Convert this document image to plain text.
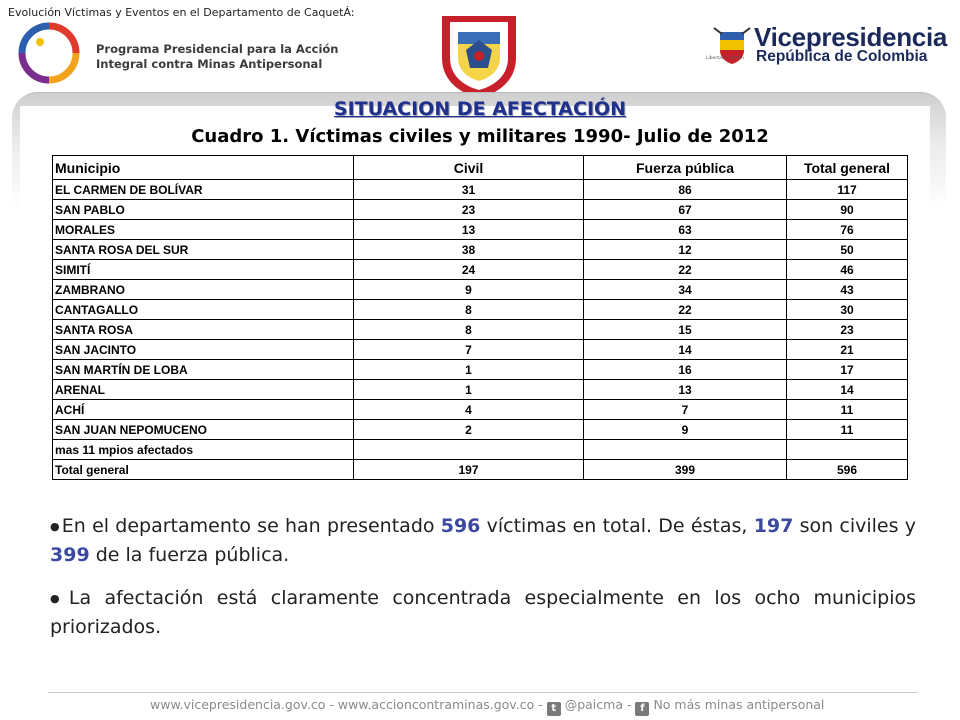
Evolución Víctimas y Eventos en el Departamento de CaquetÁ:
Programa Presidencial para la Acción
Integral contra Minas Antipersonal	Libertad y Orden
Vicepresidencia
República de Colombia
SITUACION DE AFECTACIÓN
Cuadro 1. Víctimas civiles y militares 1990- Julio de 2012
Municipio	Civil	Fuerza pública	Total general
EL CARMEN DE BOLÍVAR	31	86	117
SAN PABLO	23	67	90
MORALES	13	63	76
SANTA ROSA DEL SUR	38	12	50
SIMITÍ	24	22	46
ZAMBRANO	9	34	43
CANTAGALLO	8	22	30
SANTA ROSA	8	15	23
SAN JACINTO	7	14	21
SAN MARTÍN DE LOBA	1	16	17
ARENAL	1	13	14
ACHÍ	4	7	11
SAN JUAN NEPOMUCENO	2	9	11
mas 11 mpios afectados			
Total general	197	399	596

● En el departamento se han presentado 596 víctimas en total. De éstas, 197 son civiles y 399 de la fuerza pública.

● La afectación está claramente concentrada especialmente en los ocho municipios priorizados.

www.vicepresidencia.gov.co - www.accioncontraminas.gov.co - t @paicma - f No más minas antipersonal
